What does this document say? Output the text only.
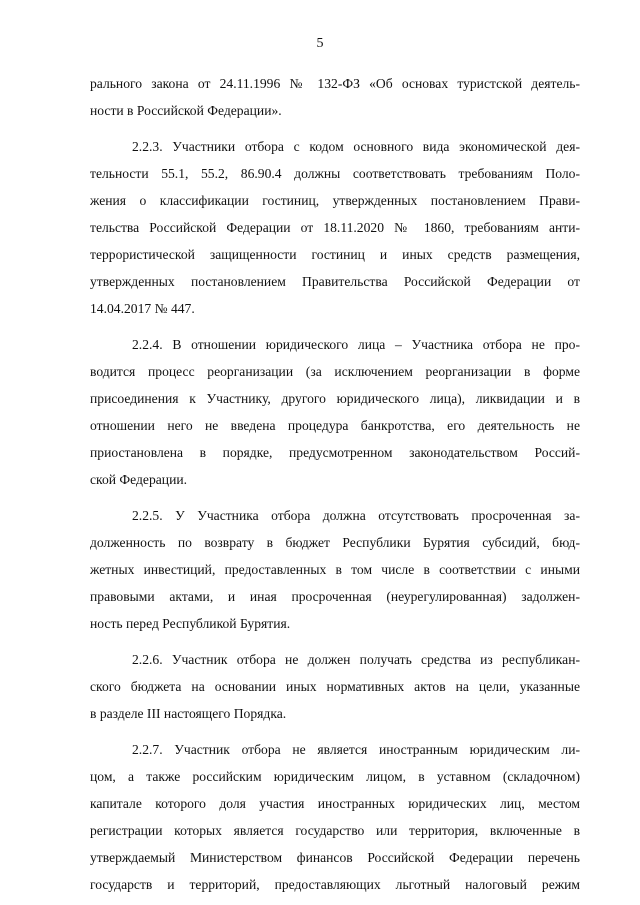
5
рального закона от 24.11.1996 № 132-ФЗ «Об основах туристской деятель-
ности в Российской Федерации».
2.2.3. Участники отбора с кодом основного вида экономической дея-
тельности 55.1, 55.2, 86.90.4 должны соответствовать требованиям Поло-
жения о классификации гостиниц, утвержденных постановлением Прави-
тельства Российской Федерации от 18.11.2020 № 1860, требованиям анти-
террористической защищенности гостиниц и иных средств размещения,
утвержденных постановлением Правительства Российской Федерации от
14.04.2017 № 447.
2.2.4. В отношении юридического лица – Участника отбора не про-
водится процесс реорганизации (за исключением реорганизации в форме
присоединения к Участнику, другого юридического лица), ликвидации и в
отношении него не введена процедура банкротства, его деятельность не
приостановлена в порядке, предусмотренном законодательством Россий-
ской Федерации.
2.2.5. У Участника отбора должна отсутствовать просроченная за-
долженность по возврату в бюджет Республики Бурятия субсидий, бюд-
жетных инвестиций, предоставленных в том числе в соответствии с иными
правовыми актами, и иная просроченная (неурегулированная) задолжен-
ность перед Республикой Бурятия.
2.2.6. Участник отбора не должен получать средства из республикан-
ского бюджета на основании иных нормативных актов на цели, указанные
в разделе III настоящего Порядка.
2.2.7. Участник отбора не является иностранным юридическим ли-
цом, а также российским юридическим лицом, в уставном (складочном)
капитале которого доля участия иностранных юридических лиц, местом
регистрации которых является государство или территория, включенные в
утверждаемый Министерством финансов Российской Федерации перечень
государств и территорий, предоставляющих льготный налоговый режим
